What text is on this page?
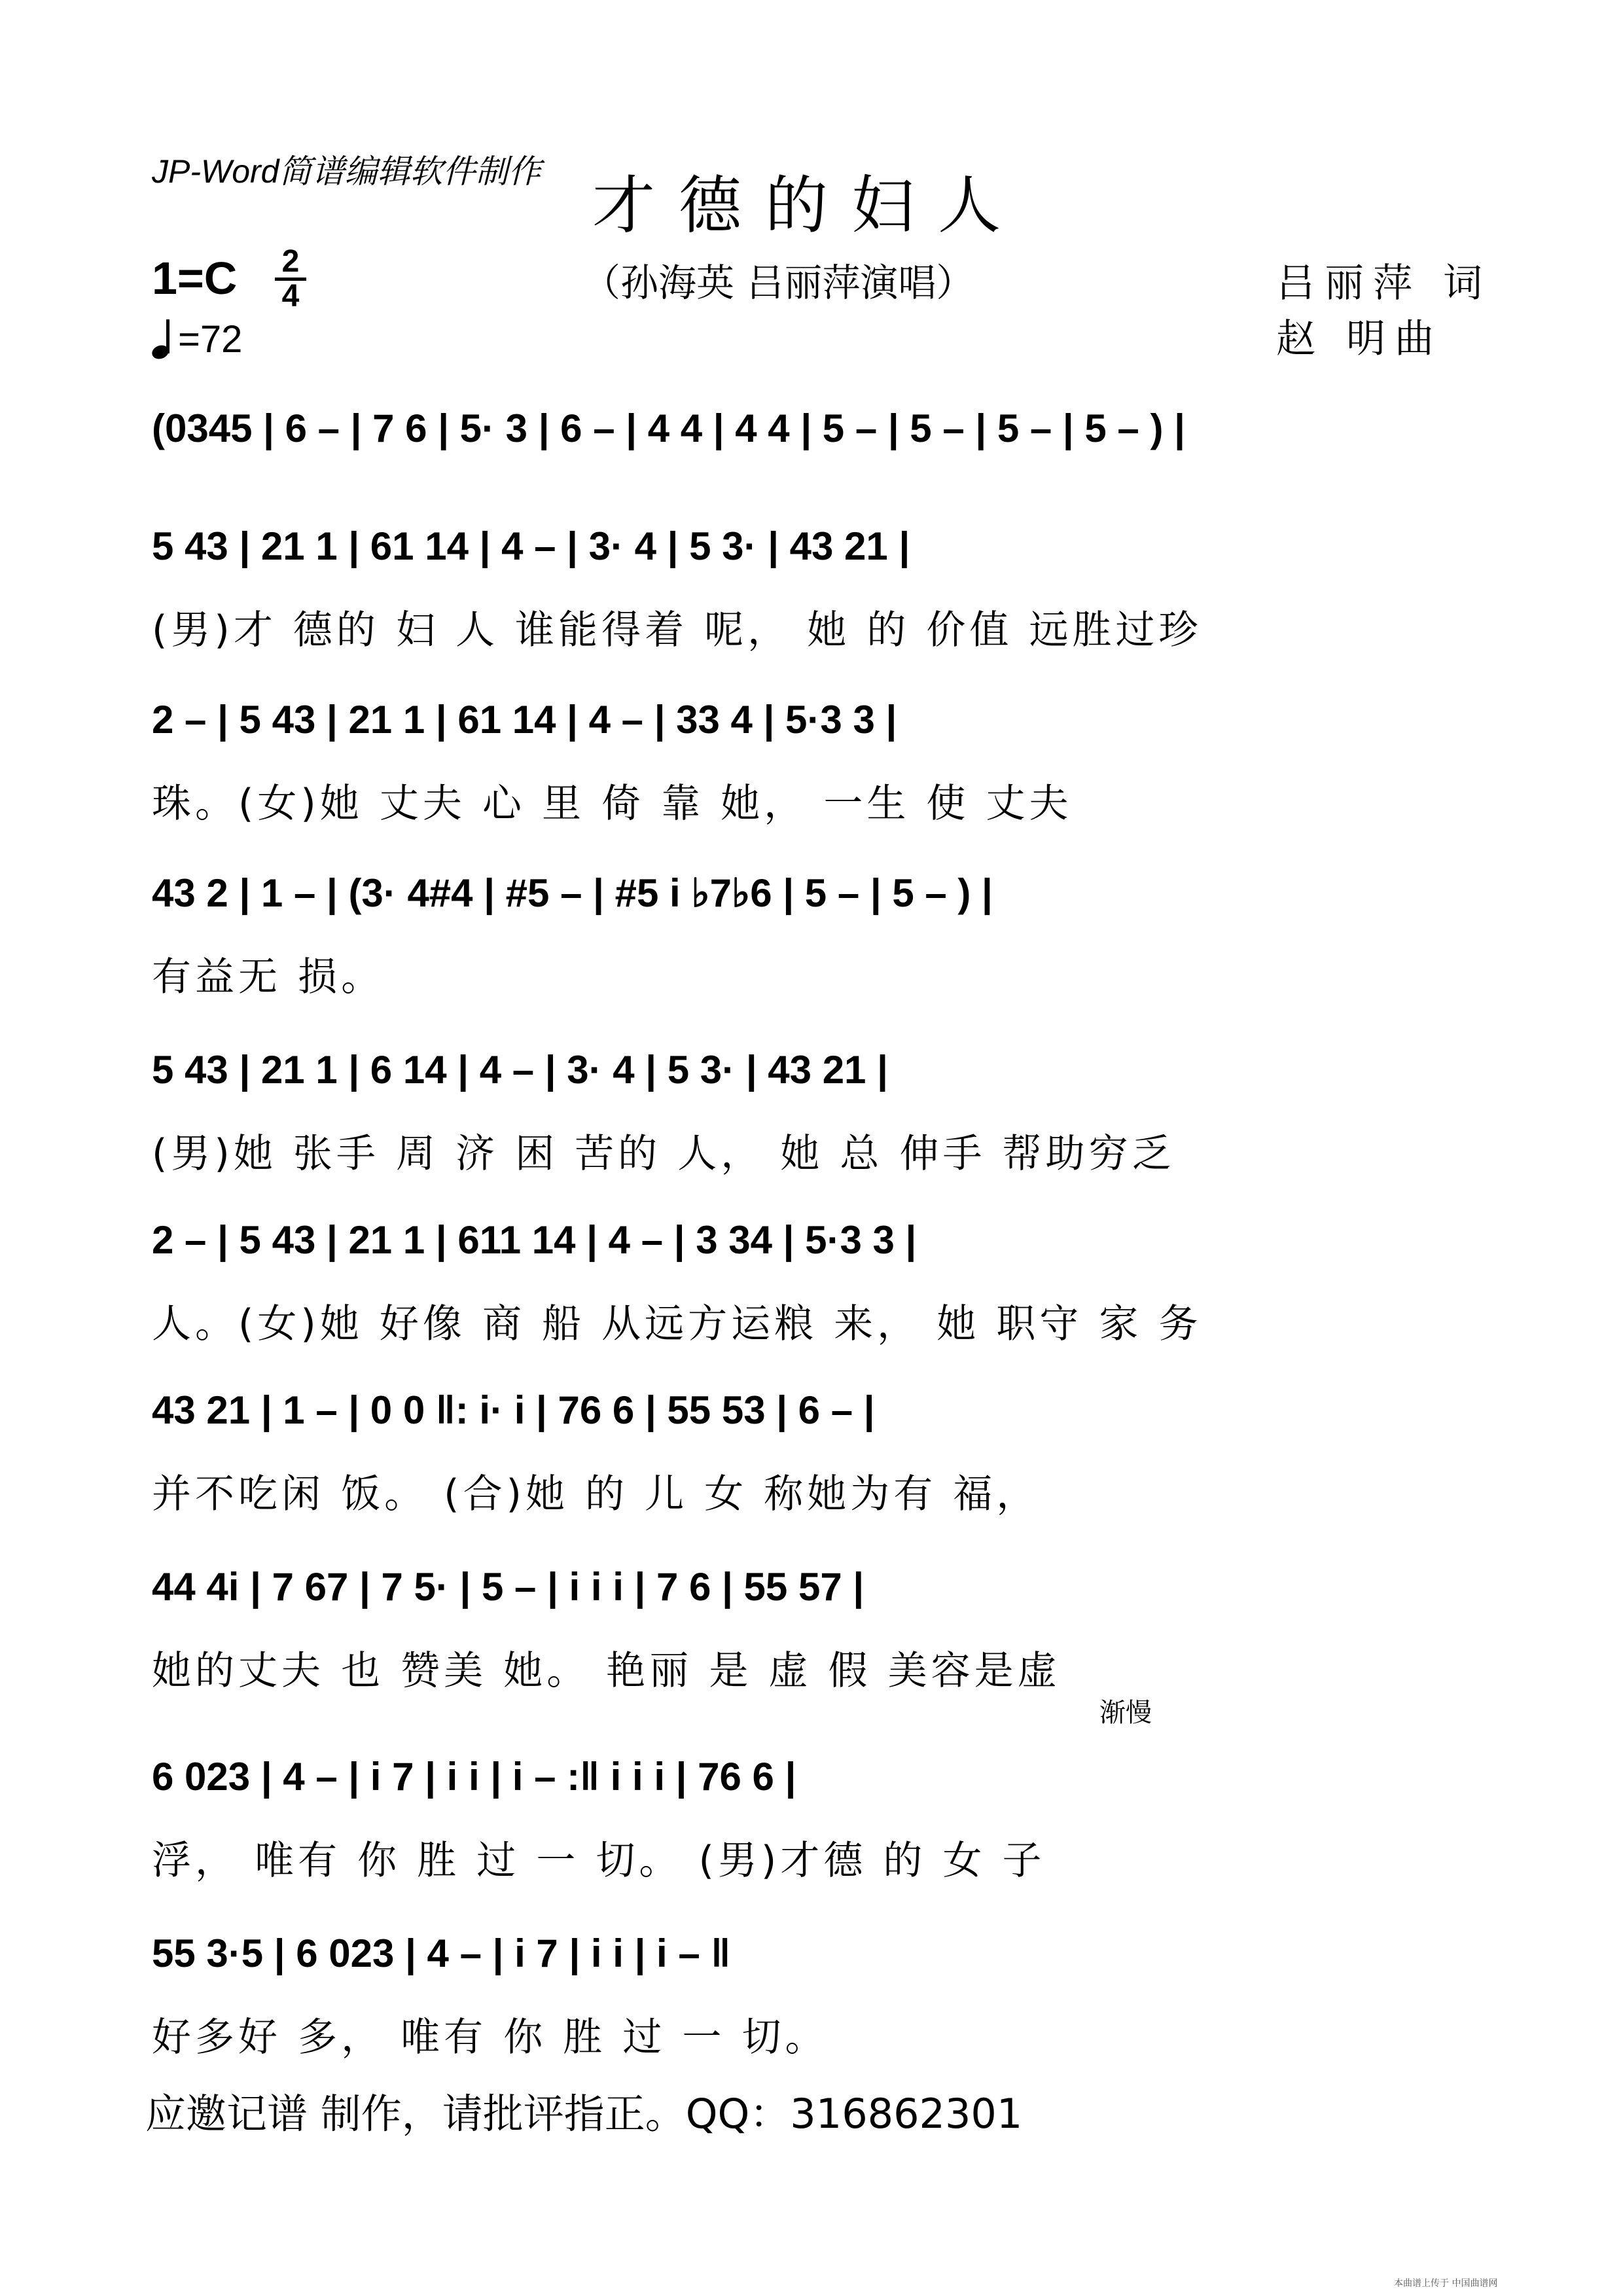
JP-Word简谱编辑软件制作 才德的妇人
（孙海英 吕丽萍演唱）
1=C 2
4
=72
吕丽萍 词
赵 明曲
(0345 | 6 – | 7 6 | 5· 3 | 6 – | 4 4 | 4 4 | 5 – | 5 – | 5 – | 5 – ) |
5 43 | 21 1 | 61 14 | 4 – | 3· 4 | 5 3· | 43 21 |
(男)才 德的 妇 人 谁能得着 呢， 她 的 价值 远胜过珍
2 – | 5 43 | 21 1 | 61 14 | 4 – | 33 4 | 5·3 3 |
珠。(女)她 丈夫 心 里 倚 靠 她， 一生 使 丈夫
43 2 | 1 – | (3· 4#4 | #5 – | #5 i ♭7♭6 | 5 – | 5 – ) |
有益无 损。
5 43 | 21 1 | 6 14 | 4 – | 3· 4 | 5 3· | 43 21 |
(男)她 张手 周 济 困 苦的 人， 她 总 伸手 帮助穷乏
2 – | 5 43 | 21 1 | 611 14 | 4 – | 3 34 | 5·3 3 |
人。(女)她 好像 商 船 从远方运粮 来， 她 职守 家 务
43 21 | 1 – | 0 0 ‖: i· i | 76 6 | 55 53 | 6 – |
并不吃闲 饭。 (合)她 的 儿 女 称她为有 福，
44 4i | 7 67 | 7 5· | 5 – | i i i | 7 6 | 55 57 |
她的丈夫 也 赞美 她。 艳丽 是 虚 假 美容是虚
渐慢
6 023 | 4 – | i 7 | i i | i – :‖ i i i | 76 6 |
浮， 唯有 你 胜 过 一 切。 (男)才德 的 女 子
55 3·5 | 6 023 | 4 – | i 7 | i i | i – ‖
好多好 多， 唯有 你 胜 过 一 切。
应邀记谱 制作，请批评指正。QQ：316862301
本曲谱上传于 中国曲谱网
